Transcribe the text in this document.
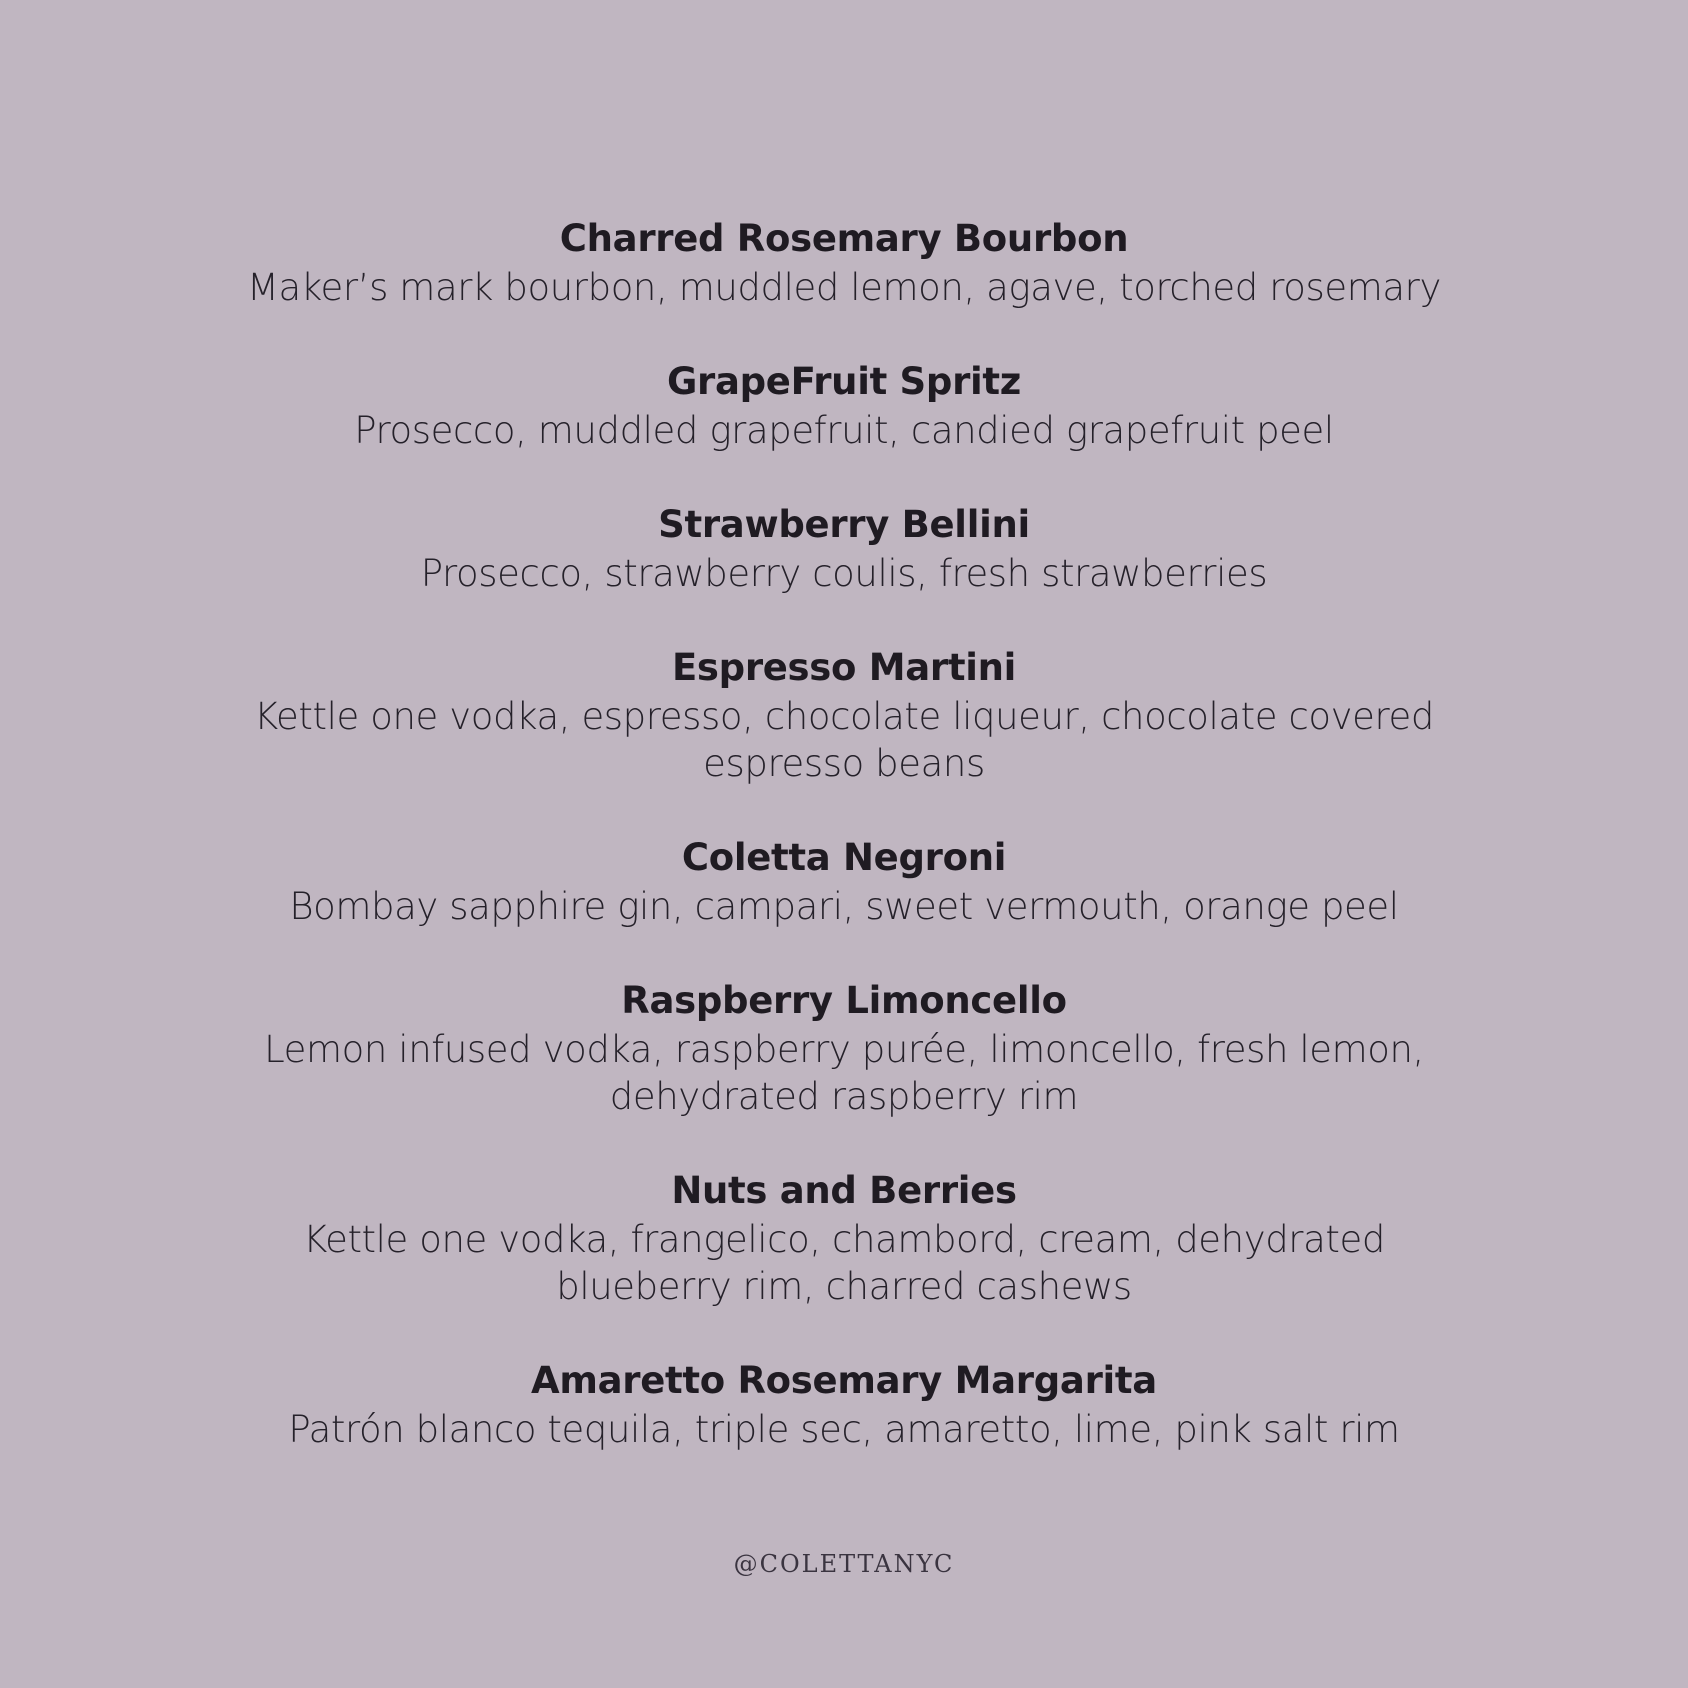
Charred Rosemary Bourbon
Maker’s mark bourbon, muddled lemon, agave, torched rosemary
GrapeFruit Spritz
Prosecco, muddled grapefruit, candied grapefruit peel
Strawberry Bellini
Prosecco, strawberry coulis, fresh strawberries
Espresso Martini
Kettle one vodka, espresso, chocolate liqueur, chocolate covered espresso beans
Coletta Negroni
Bombay sapphire gin, campari, sweet vermouth, orange peel
Raspberry Limoncello
Lemon infused vodka, raspberry purée, limoncello, fresh lemon, dehydrated raspberry rim
Nuts and Berries
Kettle one vodka, frangelico, chambord, cream, dehydrated blueberry rim, charred cashews
Amaretto Rosemary Margarita
Patrón blanco tequila, triple sec, amaretto, lime, pink salt rim
@COLETTANYC
